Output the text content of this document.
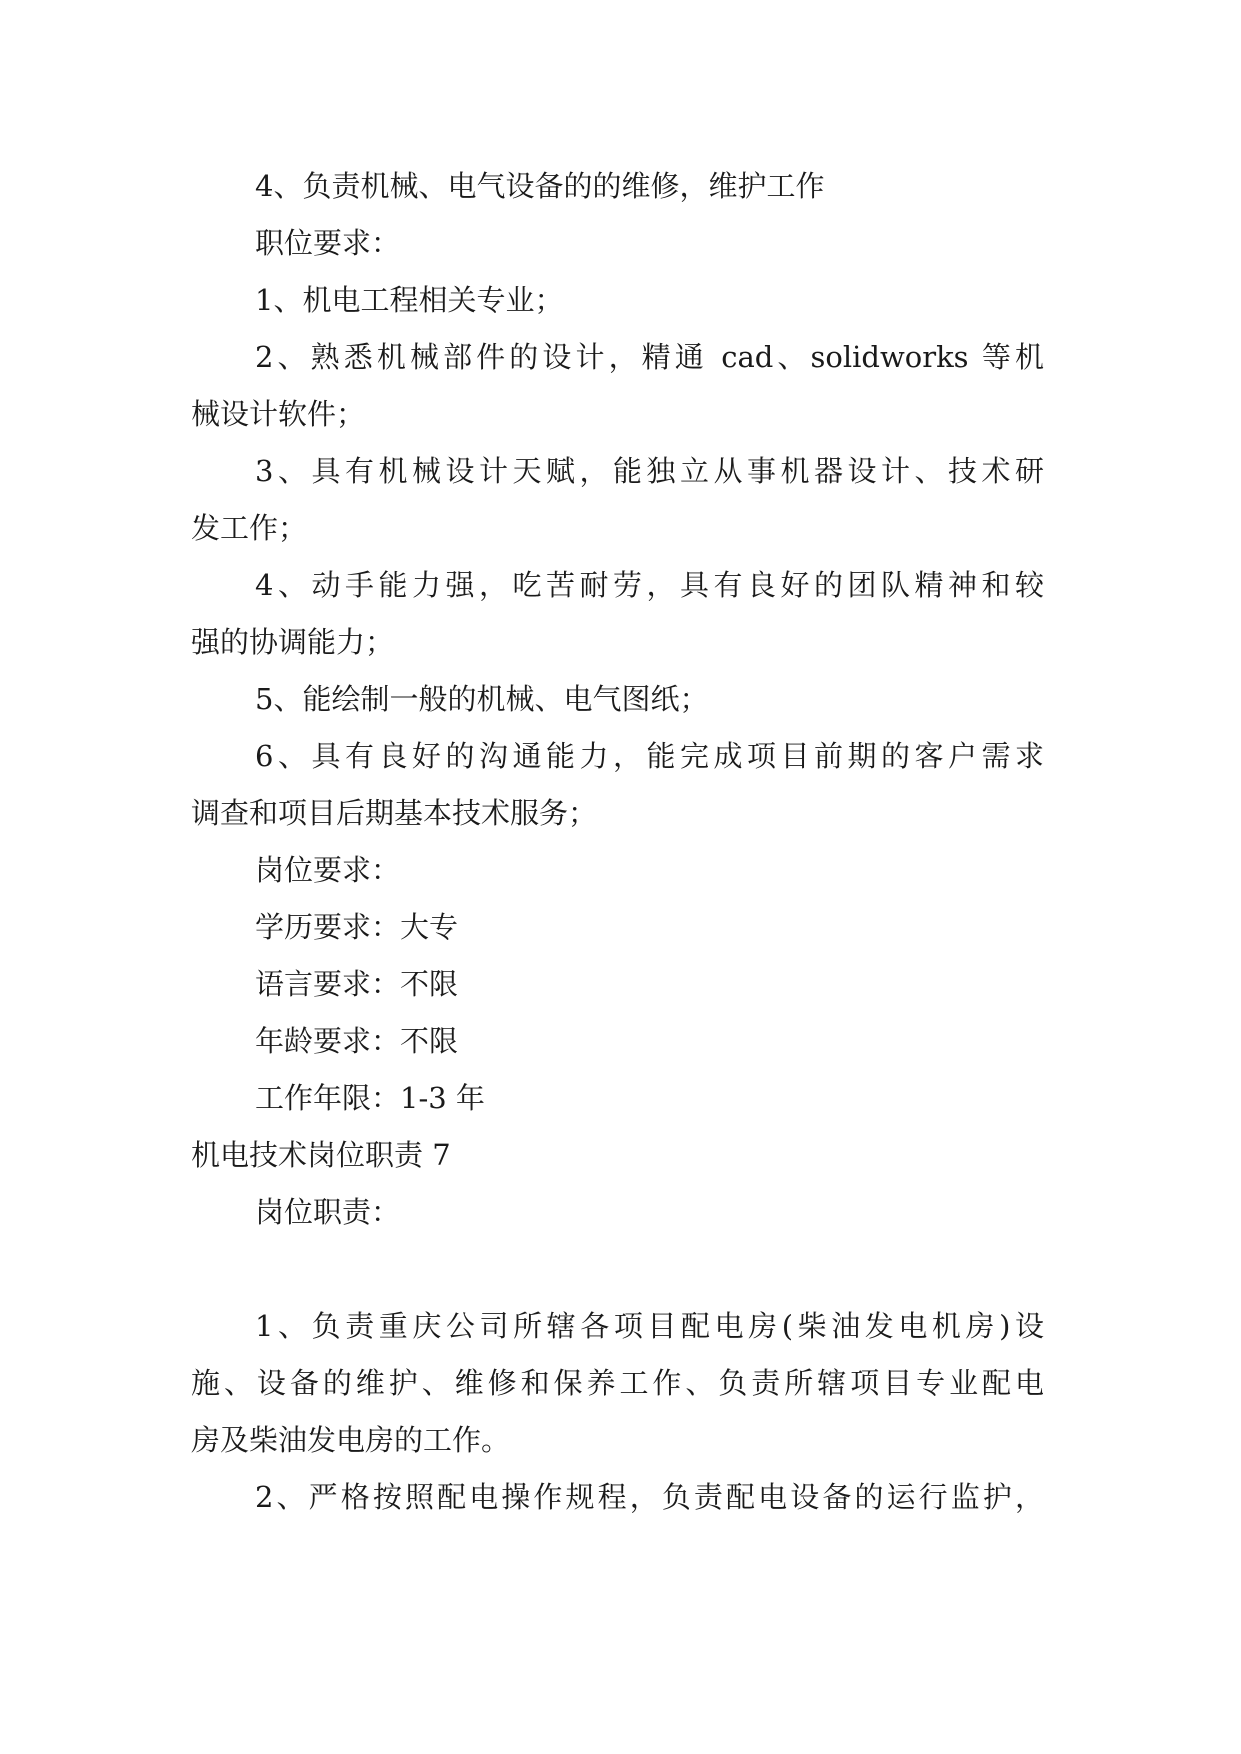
4、负责机械、电气设备的的维修，维护工作
职位要求：
1、机电工程相关专业；
2、熟悉机械部件的设计，精通 cad、solidworks 等机
械设计软件；
3、具有机械设计天赋，能独立从事机器设计、技术研
发工作；
4、动手能力强，吃苦耐劳，具有良好的团队精神和较
强的协调能力；
5、能绘制一般的机械、电气图纸；
6、具有良好的沟通能力，能完成项目前期的客户需求
调查和项目后期基本技术服务；
岗位要求：
学历要求：大专
语言要求：不限
年龄要求：不限
工作年限：1-3 年
机电技术岗位职责 7
岗位职责：
1、负责重庆公司所辖各项目配电房(柴油发电机房)设
施、设备的维护、维修和保养工作、负责所辖项目专业配电
房及柴油发电房的工作。
2、严格按照配电操作规程，负责配电设备的运行监护，
